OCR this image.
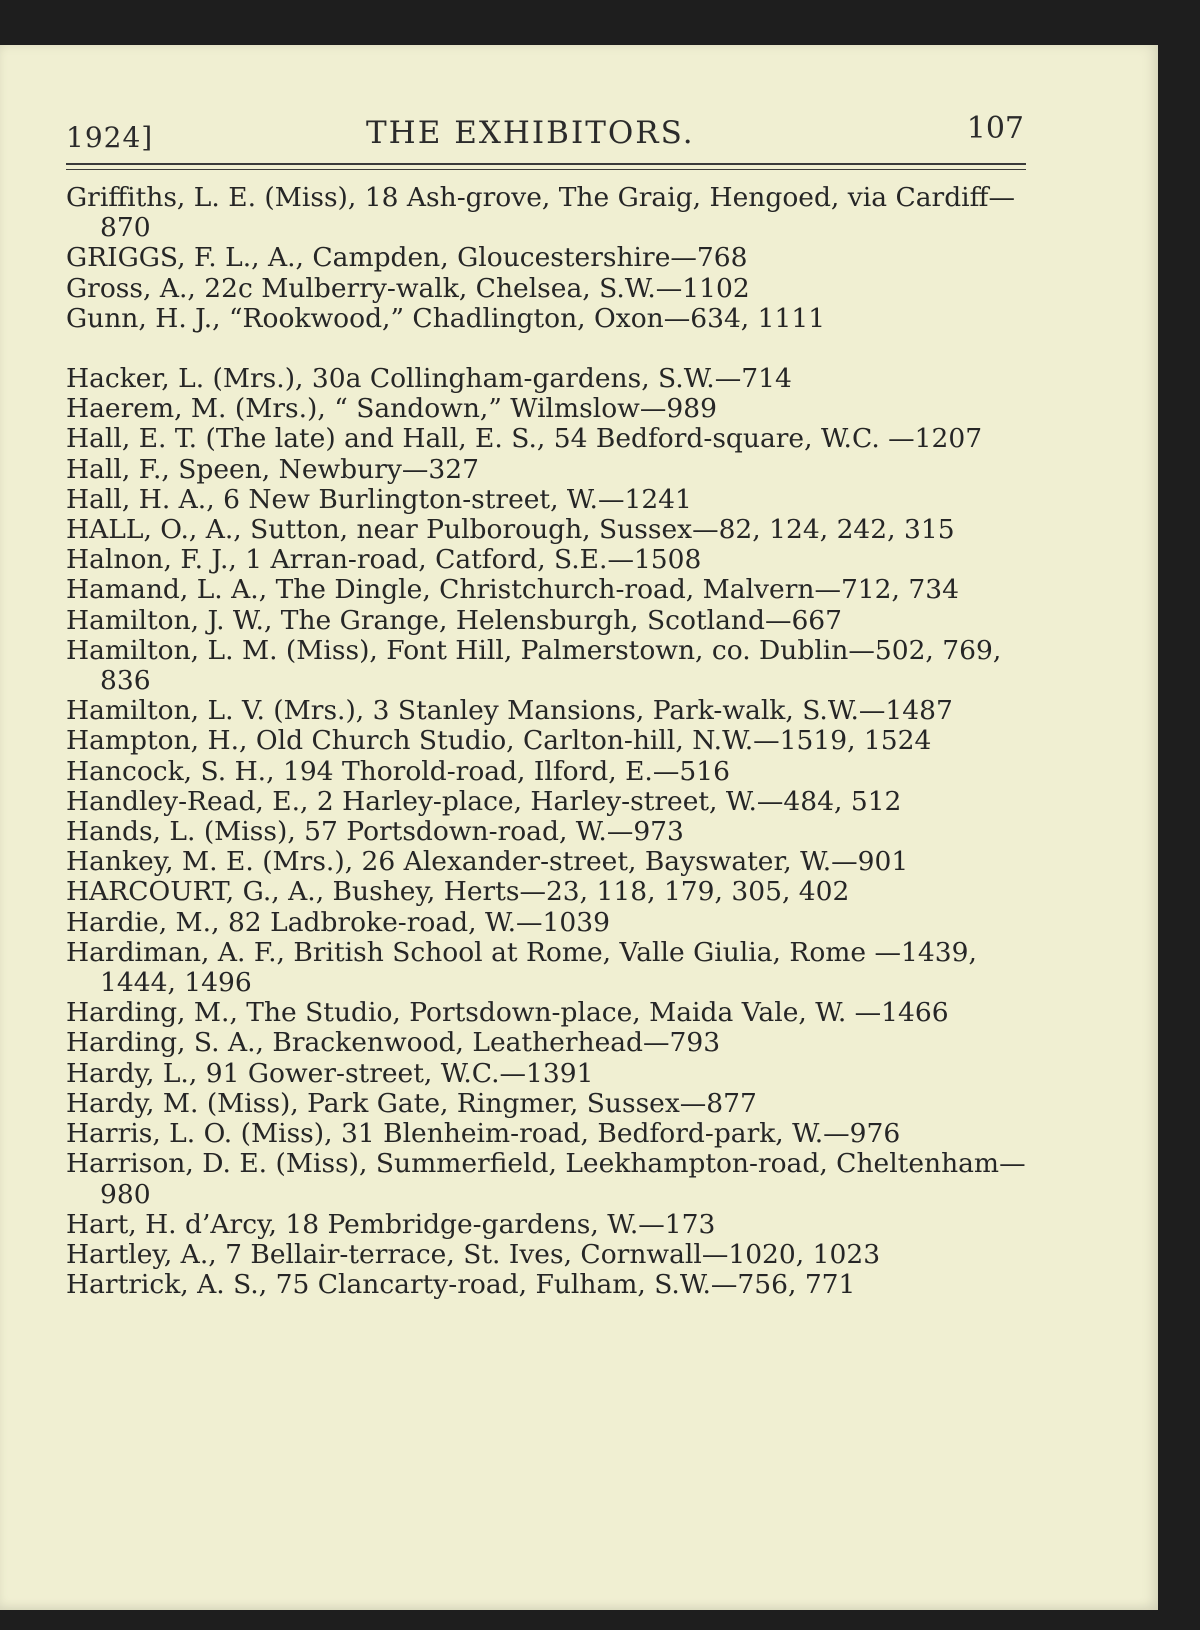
1924]	THE EXHIBITORS.	107
Griffiths, L. E. (Miss), 18 Ash-grove, The Graig, Hengoed, via Cardiff—870
GRIGGS, F. L., A., Campden, Gloucestershire—768
Gross, A., 22c Mulberry-walk, Chelsea, S.W.—1102
Gunn, H. J., “Rookwood,” Chadlington, Oxon—634, 1111
Hacker, L. (Mrs.), 30a Collingham-gardens, S.W.—714
Haerem, M. (Mrs.), “ Sandown,” Wilmslow—989
Hall, E. T. (The late) and Hall, E. S., 54 Bedford-square, W.C. —1207
Hall, F., Speen, Newbury—327
Hall, H. A., 6 New Burlington-street, W.—1241
HALL, O., A., Sutton, near Pulborough, Sussex—82, 124, 242, 315
Halnon, F. J., 1 Arran-road, Catford, S.E.—1508
Hamand, L. A., The Dingle, Christchurch-road, Malvern—712, 734
Hamilton, J. W., The Grange, Helensburgh, Scotland—667
Hamilton, L. M. (Miss), Font Hill, Palmerstown, co. Dublin—502, 769, 836
Hamilton, L. V. (Mrs.), 3 Stanley Mansions, Park-walk, S.W.—1487
Hampton, H., Old Church Studio, Carlton-hill, N.W.—1519, 1524
Hancock, S. H., 194 Thorold-road, Ilford, E.—516
Handley-Read, E., 2 Harley-place, Harley-street, W.—484, 512
Hands, L. (Miss), 57 Portsdown-road, W.—973
Hankey, M. E. (Mrs.), 26 Alexander-street, Bayswater, W.—901
HARCOURT, G., A., Bushey, Herts—23, 118, 179, 305, 402
Hardie, M., 82 Ladbroke-road, W.—1039
Hardiman, A. F., British School at Rome, Valle Giulia, Rome —1439, 1444, 1496
Harding, M., The Studio, Portsdown-place, Maida Vale, W. —1466
Harding, S. A., Brackenwood, Leatherhead—793
Hardy, L., 91 Gower-street, W.C.—1391
Hardy, M. (Miss), Park Gate, Ringmer, Sussex—877
Harris, L. O. (Miss), 31 Blenheim-road, Bedford-park, W.—976
Harrison, D. E. (Miss), Summerfield, Leekhampton-road, Cheltenham—980
Hart, H. d’Arcy, 18 Pembridge-gardens, W.—173
Hartley, A., 7 Bellair-terrace, St. Ives, Cornwall—1020, 1023
Hartrick, A. S., 75 Clancarty-road, Fulham, S.W.—756, 771
